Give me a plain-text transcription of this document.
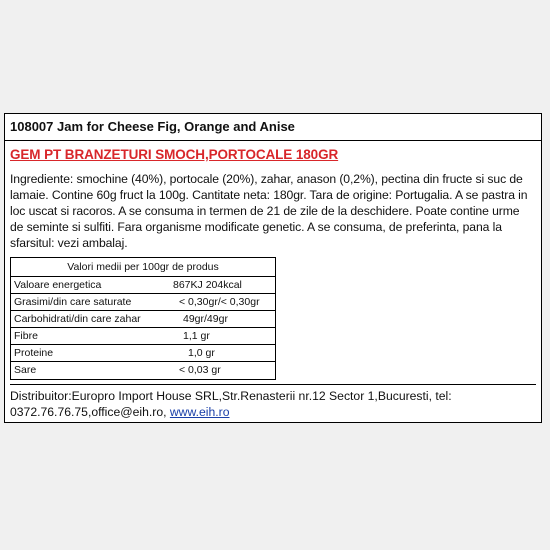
108007 Jam for Cheese Fig, Orange and Anise
GEM PT BRANZETURI SMOCH,PORTOCALE 180GR
Ingrediente: smochine (40%), portocale (20%), zahar, anason (0,2%), pectina din fructe si suc de lamaie. Contine 60g fruct la 100g. Cantitate neta: 180gr. Tara de origine: Portugalia. A se pastra in loc uscat si racoros. A se consuma in termen de 21 de zile de la deschidere. Poate contine urme de seminte si sulfiti. Fara organisme modificate genetic. A se consuma, de preferinta, pana la sfarsitul: vezi ambalaj.
Valori medii per 100gr de produs
Valoare energetica	867KJ 204kcal
Grasimi/din care saturate	< 0,30gr/< 0,30gr
Carbohidrati/din care zahar	49gr/49gr
Fibre	1,1 gr
Proteine	1,0 gr
Sare	< 0,03 gr
Distribuitor:Europro Import House SRL,Str.Renasterii nr.12 Sector 1,Bucuresti, tel: 0372.76.76.75,office@eih.ro, www.eih.ro
